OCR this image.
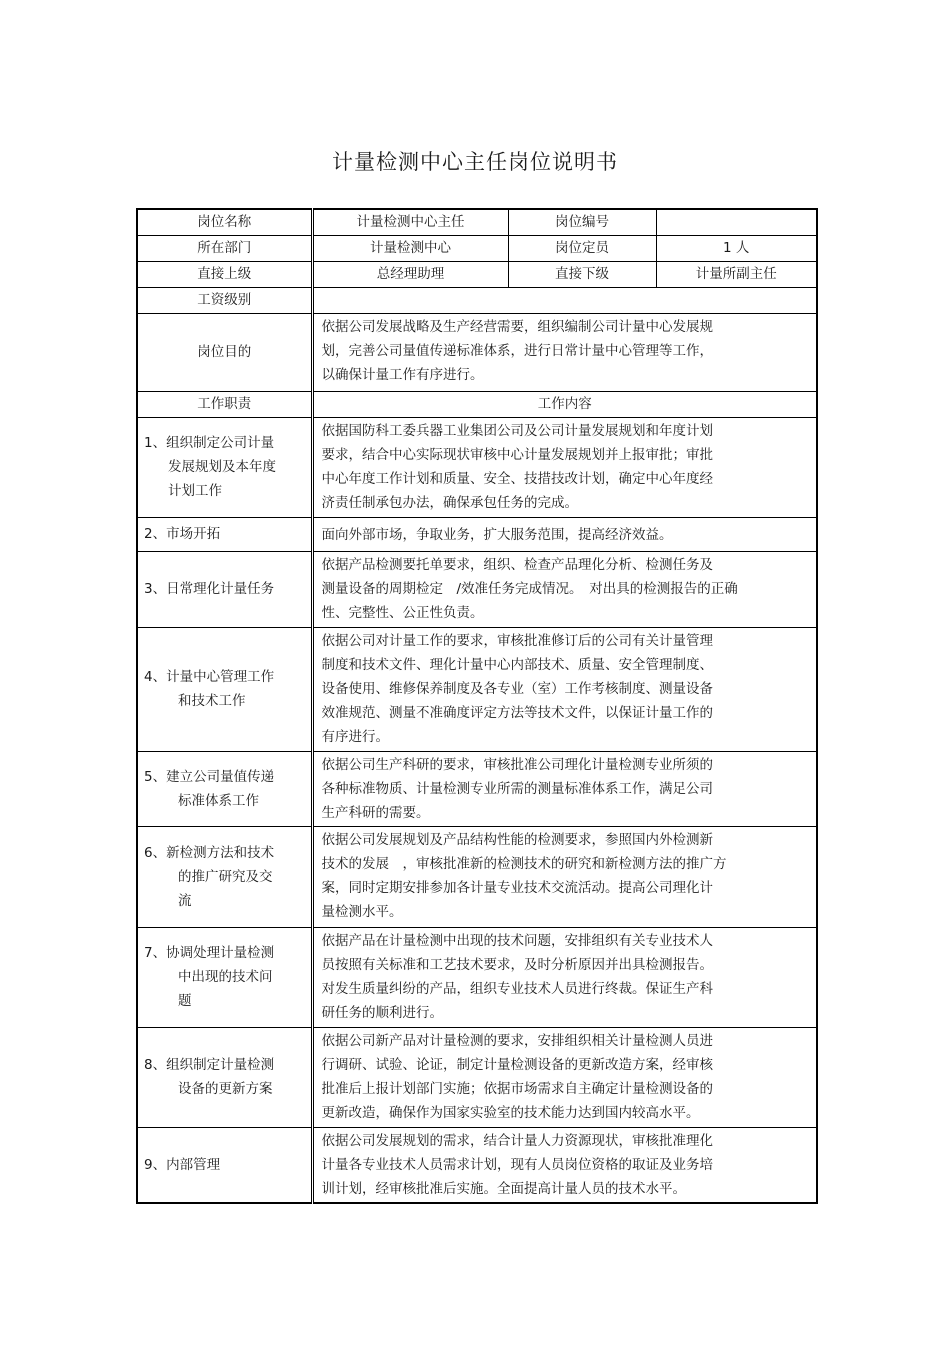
计量检测中心主任岗位说明书
岗位名称	计量检测中心主任	岗位编号	
所在部门	计量检测中心	岗位定员	1 人
直接上级	总经理助理	直接下级	计量所副主任
工资级别			
岗位目的	依据公司发展战略及生产经营需要，组织编制公司计量中心发展规
划，完善公司量值传递标准体系，进行日常计量中心管理等工作，
以确保计量工作有序进行。		

工作职责	工作内容		

1、组织制定公司计量
发展规划及本年度
计划工作	依据国防科工委兵器工业集团公司及公司计量发展规划和年度计划
要求，结合中心实际现状审核中心计量发展规划并上报审批；审批
中心年度工作计划和质量、安全、技措技改计划，确定中心年度经
济责任制承包办法，确保承包任务的完成。		

2、市场开拓	面向外部市场，争取业务，扩大服务范围，提高经济效益。		

3、日常理化计量任务	依据产品检测要托单要求，组织、检查产品理化分析、检测任务及
测量设备的周期检定　/效准任务完成情况。　对出具的检测报告的正确
性、完整性、公正性负责。		

4、计量中心管理工作
和技术工作	依据公司对计量工作的要求，审核批准修订后的公司有关计量管理
制度和技术文件、理化计量中心内部技术、质量、安全管理制度、
设备使用、维修保养制度及各专业（室）工作考核制度、测量设备
效准规范、测量不准确度评定方法等技术文件，以保证计量工作的
有序进行。		

5、建立公司量值传递
标准体系工作	依据公司生产科研的要求，审核批准公司理化计量检测专业所须的
各种标准物质、计量检测专业所需的测量标准体系工作，满足公司
生产科研的需要。		

6、新检测方法和技术
的推广研究及交
流	依据公司发展规划及产品结构性能的检测要求，参照国内外检测新
技术的发展　，审核批准新的检测技术的研究和新检测方法的推广方
案，同时定期安排参加各计量专业技术交流活动。提高公司理化计
量检测水平。		

7、协调处理计量检测
中出现的技术问
题	依据产品在计量检测中出现的技术问题，安排组织有关专业技术人
员按照有关标准和工艺技术要求，及时分析原因并出具检测报告。
对发生质量纠纷的产品，组织专业技术人员进行终裁。保证生产科
研任务的顺利进行。		

8、组织制定计量检测
设备的更新方案	依据公司新产品对计量检测的要求，安排组织相关计量检测人员进
行调研、试验、论证，制定计量检测设备的更新改造方案，经审核
批准后上报计划部门实施；依据市场需求自主确定计量检测设备的
更新改造，确保作为国家实验室的技术能力达到国内较高水平。		

9、内部管理	依据公司发展规划的需求，结合计量人力资源现状，审核批准理化
计量各专业技术人员需求计划，现有人员岗位资格的取证及业务培
训计划，经审核批准后实施。全面提高计量人员的技术水平。		
